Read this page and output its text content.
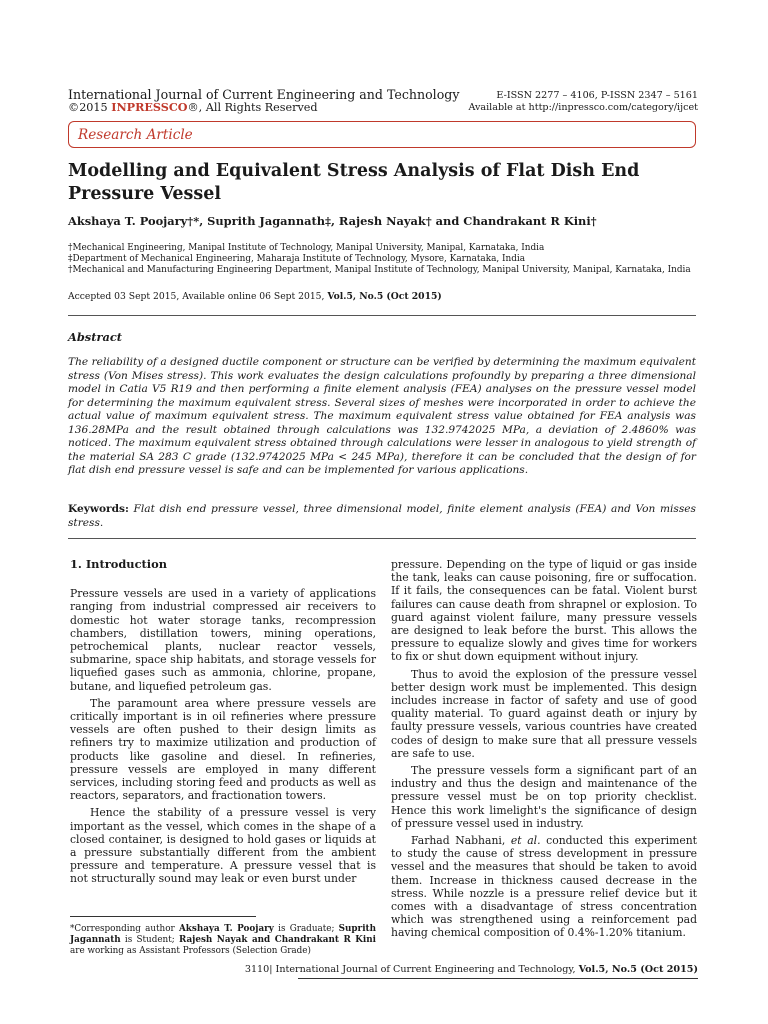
International Journal of Current Engineering and Technology
©2015 INPRESSCO®, All Rights Reserved
E-ISSN 2277 – 4106, P-ISSN 2347 – 5161
Available at http://inpressco.com/category/ijcet
Research Article
Modelling and Equivalent Stress Analysis of Flat Dish End Pressure Vessel
Akshaya T. Poojary†*, Suprith Jagannath‡, Rajesh Nayak† and Chandrakant R Kini†
†Mechanical Engineering, Manipal Institute of Technology, Manipal University, Manipal, Karnataka, India
‡Department of Mechanical Engineering, Maharaja Institute of Technology, Mysore, Karnataka, India
†Mechanical and Manufacturing Engineering Department, Manipal Institute of Technology, Manipal University, Manipal, Karnataka, India
Accepted 03 Sept 2015, Available online 06 Sept 2015, Vol.5, No.5 (Oct 2015)
Abstract
The reliability of a designed ductile component or structure can be verified by determining the maximum equivalent stress (Von Mises stress). This work evaluates the design calculations profoundly by preparing a three dimensional model in Catia V5 R19 and then performing a finite element analysis (FEA) analyses on the pressure vessel model for determining the maximum equivalent stress. Several sizes of meshes were incorporated in order to achieve the actual value of maximum equivalent stress. The maximum equivalent stress value obtained for FEA analysis was 136.28MPa and the result obtained through calculations was 132.9742025 MPa, a deviation of 2.4860% was noticed. The maximum equivalent stress obtained through calculations were lesser in analogous to yield strength of the material SA 283 C grade (132.9742025 MPa < 245 MPa), therefore it can be concluded that the design of for flat dish end pressure vessel is safe and can be implemented for various applications.
Keywords: Flat dish end pressure vessel, three dimensional model, finite element analysis (FEA) and Von misses stress.

1. Introduction

Pressure vessels are used in a variety of applications ranging from industrial compressed air receivers to domestic hot water storage tanks, recompression chambers, distillation towers, mining operations, petrochemical plants, nuclear reactor vessels, submarine, space ship habitats, and storage vessels for liquefied gases such as ammonia, chlorine, propane, butane, and liquefied petroleum gas.

The paramount area where pressure vessels are critically important is in oil refineries where pressure vessels are often pushed to their design limits as refiners try to maximize utilization and production of products like gasoline and diesel. In refineries, pressure vessels are employed in many different services, including storing feed and products as well as reactors, separators, and fractionation towers.

Hence the stability of a pressure vessel is very important as the vessel, which comes in the shape of a closed container, is designed to hold gases or liquids at a pressure substantially different from the ambient pressure and temperature. A pressure vessel that is not structurally sound may leak or even burst under

pressure. Depending on the type of liquid or gas inside the tank, leaks can cause poisoning, fire or suffocation. If it fails, the consequences can be fatal. Violent burst failures can cause death from shrapnel or explosion. To guard against violent failure, many pressure vessels are designed to leak before the burst. This allows the pressure to equalize slowly and gives time for workers to fix or shut down equipment without injury.

Thus to avoid the explosion of the pressure vessel better design work must be implemented. This design includes increase in factor of safety and use of good quality material. To guard against death or injury by faulty pressure vessels, various countries have created codes of design to make sure that all pressure vessels are safe to use.

The pressure vessels form a significant part of an industry and thus the design and maintenance of the pressure vessel must be on top priority checklist. Hence this work limelight's the significance of design of pressure vessel used in industry.

Farhad Nabhani, et al. conducted this experiment to study the cause of stress development in pressure vessel and the measures that should be taken to avoid them. Increase in thickness caused decrease in the stress. While nozzle is a pressure relief device but it comes with a disadvantage of stress concentration which was strengthened using a reinforcement pad having chemical composition of 0.4%-1.20% titanium.

*Corresponding author Akshaya T. Poojary is Graduate; Suprith Jagannath is Student; Rajesh Nayak and Chandrakant R Kini are working as Assistant Professors (Selection Grade)
3110| International Journal of Current Engineering and Technology, Vol.5, No.5 (Oct 2015)
